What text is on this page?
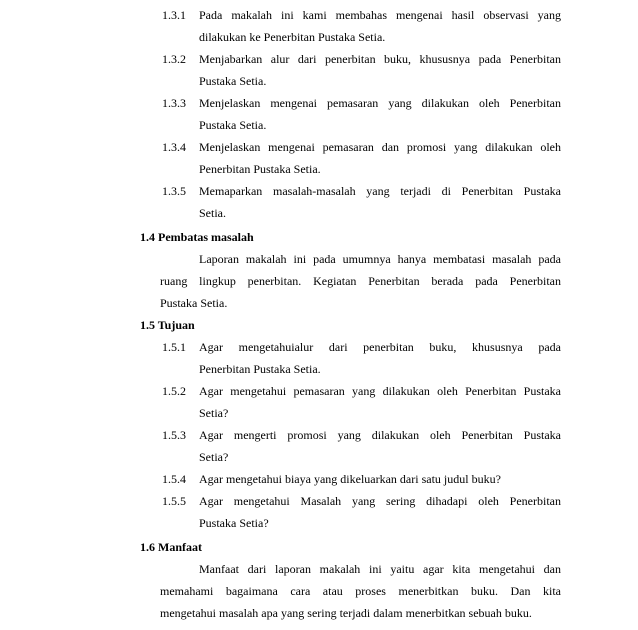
1.3.1 Pada makalah ini kami membahas mengenai hasil observasi yang
dilakukan ke Penerbitan Pustaka Setia.
1.3.2 Menjabarkan alur dari penerbitan buku, khususnya pada Penerbitan
Pustaka Setia.
1.3.3 Menjelaskan mengenai pemasaran yang dilakukan oleh Penerbitan
Pustaka Setia.
1.3.4 Menjelaskan mengenai pemasaran dan promosi yang dilakukan oleh
Penerbitan Pustaka Setia.
1.3.5 Memaparkan masalah-masalah yang terjadi di Penerbitan Pustaka
Setia.
1.4 Pembatas masalah
Laporan makalah ini pada umumnya hanya membatasi masalah pada
ruang lingkup penerbitan. Kegiatan Penerbitan berada pada Penerbitan
Pustaka Setia.
1.5 Tujuan
1.5.1 Agar mengetahuialur dari penerbitan buku, khususnya pada
Penerbitan Pustaka Setia.
1.5.2 Agar mengetahui pemasaran yang dilakukan oleh Penerbitan Pustaka
Setia?
1.5.3 Agar mengerti promosi yang dilakukan oleh Penerbitan Pustaka
Setia?
1.5.4 Agar mengetahui biaya yang dikeluarkan dari satu judul buku?
1.5.5 Agar mengetahui Masalah yang sering dihadapi oleh Penerbitan
Pustaka Setia?
1.6 Manfaat
Manfaat dari laporan makalah ini yaitu agar kita mengetahui dan
memahami bagaimana cara atau proses menerbitkan buku. Dan kita
mengetahui masalah apa yang sering terjadi dalam menerbitkan sebuah buku.
